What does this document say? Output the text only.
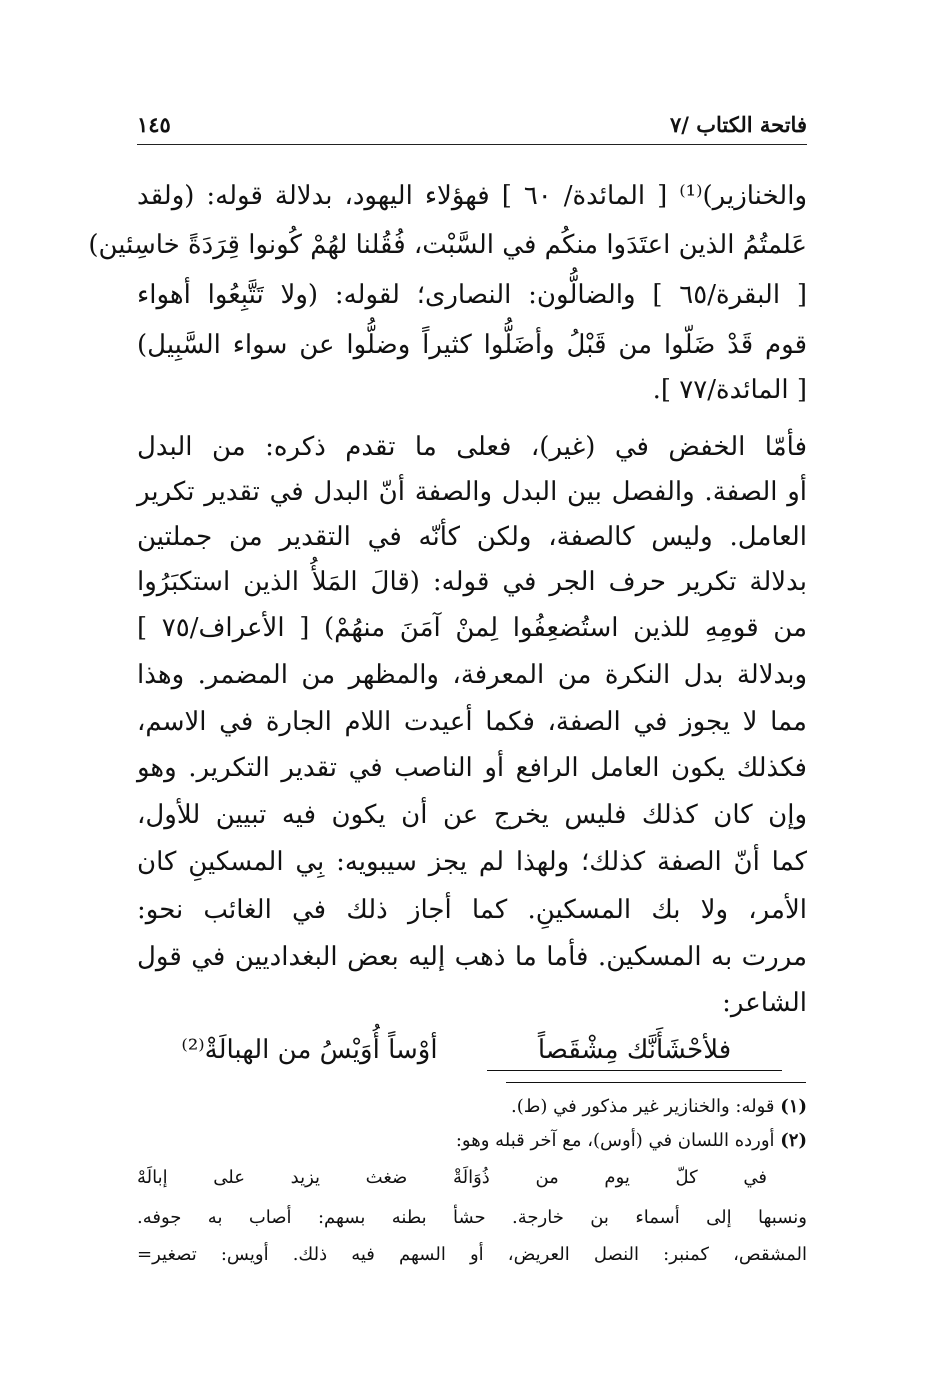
فاتحة الكتاب /٧
١٤٥
والخنازير)⁽¹⁾ [ المائدة/ ٦٠ ] فهؤلاء اليهود، بدلالة قوله: (ولقد
عَلمتُمُ الذين اعتَدَوا منكُم في السَّبْت، فُقُلنا لهُمْ كُونوا قِرَدَةً خاسِئين)
[ البقرة/٦٥ ] والضالُّون: النصارى؛ لقوله: (ولا تَتَّبِعُوا أهواء
قوم قَدْ ضَلّوا من قَبْلُ وأضَلُّوا كثيراً وضلُّوا عن سواء السَّبِيل)
[ المائدة/٧٧ ].
فأمّا الخفض في (غير)، فعلى ما تقدم ذكره: من البدل
أو الصفة. والفصل بين البدل والصفة أنّ البدل في تقدير تكرير
العامل. وليس كالصفة، ولكن كأنّه في التقدير من جملتين
بدلالة تكرير حرف الجر في قوله: (قالَ المَلأُ الذين استكبَرُوا
من قومِهِ للذين استُضعِفُوا لِمنْ آمَنَ منهُمْ) [ الأعراف/٧٥ ]
وبدلالة بدل النكرة من المعرفة، والمظهر من المضمر. وهذا
مما لا يجوز في الصفة، فكما أعيدت اللام الجارة في الاسم،
فكذلك يكون العامل الرافع أو الناصب في تقدير التكرير. وهو
وإن كان كذلك فليس يخرج عن أن يكون فيه تبيين للأول،
كما أنّ الصفة كذلك؛ ولهذا لم يجز سيبويه: بِي المسكينِ كان
الأمر، ولا بك المسكينِ. كما أجاز ذلك في الغائب نحو:
مررت به المسكين. فأما ما ذهب إليه بعض البغداديين في قول
الشاعر:
فلأحْشَأَنَّك مِشْقَصاًأوْساً أُوَيْسُ من الهبالَةْ⁽²⁾
(١) قوله: والخنازير غير مذكور في (ط).
(٢) أورده اللسان في (أوس)، مع آخر قبله وهو:
في كلّ يوم من ذُوَالَةْ ضغث يزيد على إبالَهْ
ونسبها إلى أسماء بن خارجة. حشأ بطنه بسهم: أصاب به جوفه.
المشقص، كمنبر: النصل العريض، أو السهم فيه ذلك. أويس: تصغير=
